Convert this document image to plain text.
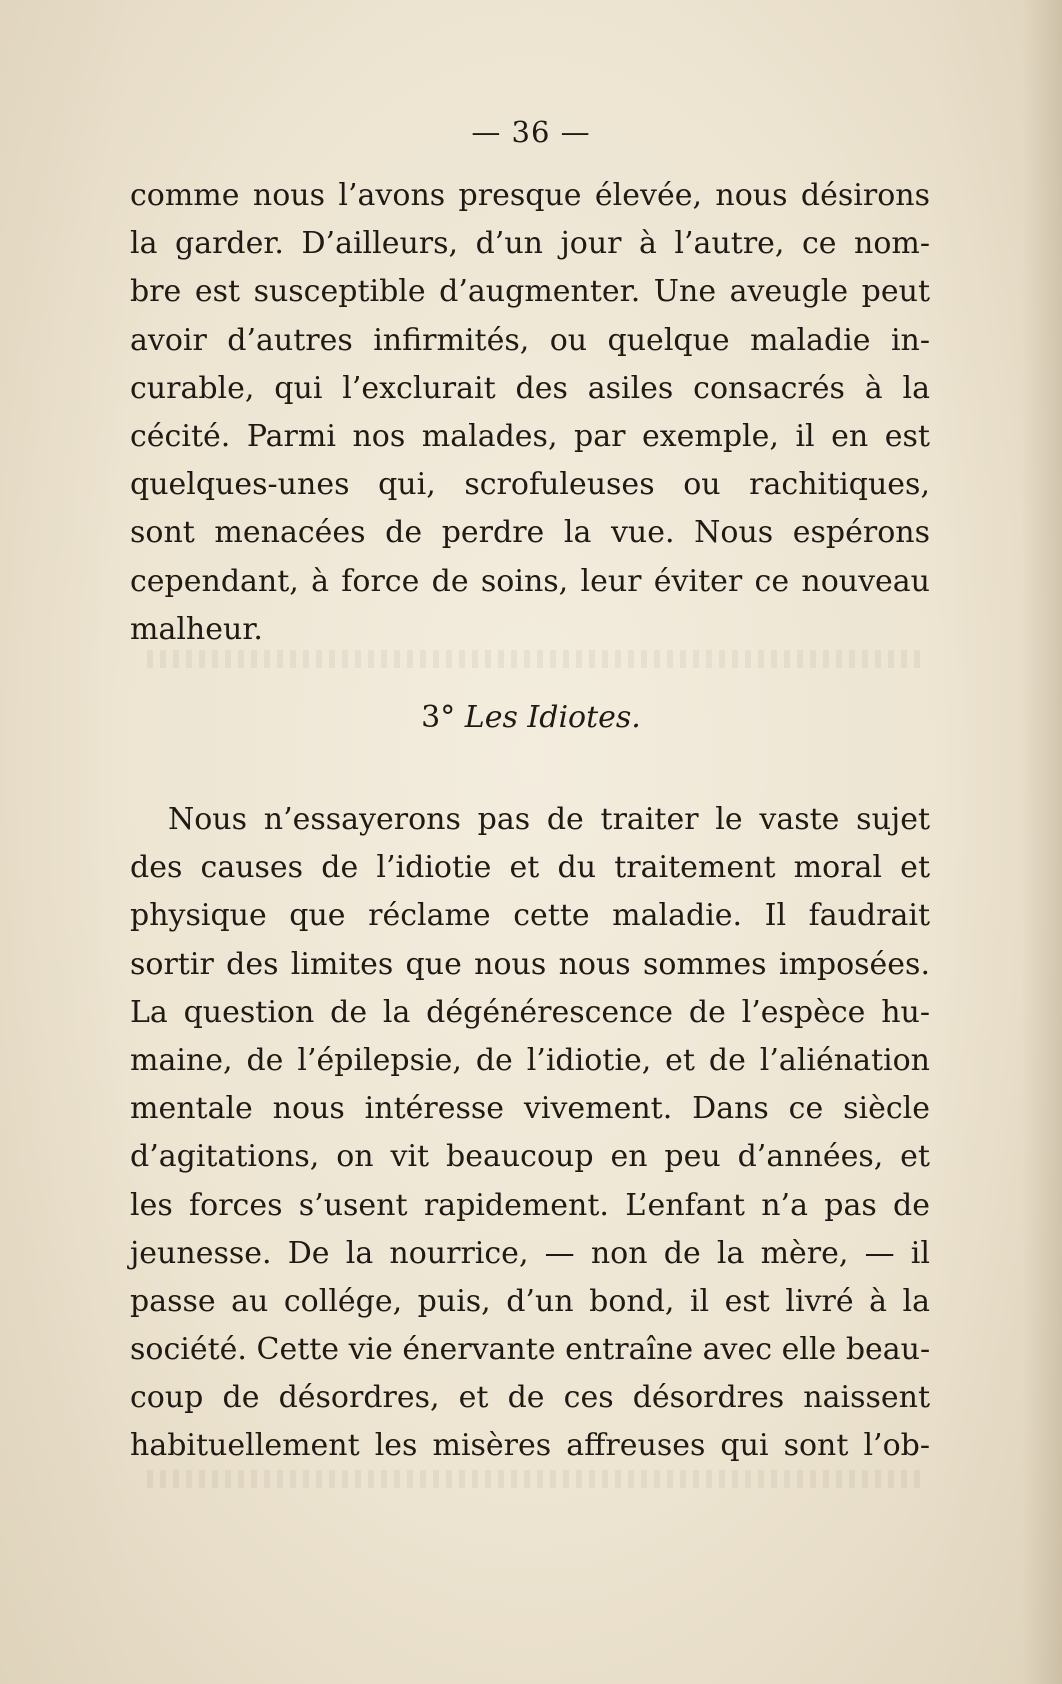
— 36 —
comme nous l’avons presque élevée, nous désirons
la garder. D’ailleurs, d’un jour à l’autre, ce nom-
bre est susceptible d’augmenter. Une aveugle peut
avoir d’autres infirmités, ou quelque maladie in-
curable, qui l’exclurait des asiles consacrés à la
cécité. Parmi nos malades, par exemple, il en est
quelques-unes qui, scrofuleuses ou rachitiques,
sont menacées de perdre la vue. Nous espérons
cependant, à force de soins, leur éviter ce nouveau
malheur.
3° Les Idiotes.
Nous n’essayerons pas de traiter le vaste sujet
des causes de l’idiotie et du traitement moral et
physique que réclame cette maladie. Il faudrait
sortir des limites que nous nous sommes imposées.
La question de la dégénérescence de l’espèce hu-
maine, de l’épilepsie, de l’idiotie, et de l’aliénation
mentale nous intéresse vivement. Dans ce siècle
d’agitations, on vit beaucoup en peu d’années, et
les forces s’usent rapidement. L’enfant n’a pas de
jeunesse. De la nourrice, — non de la mère, — il
passe au collége, puis, d’un bond, il est livré à la
société. Cette vie énervante entraîne avec elle beau-
coup de désordres, et de ces désordres naissent
habituellement les misères affreuses qui sont l’ob-
